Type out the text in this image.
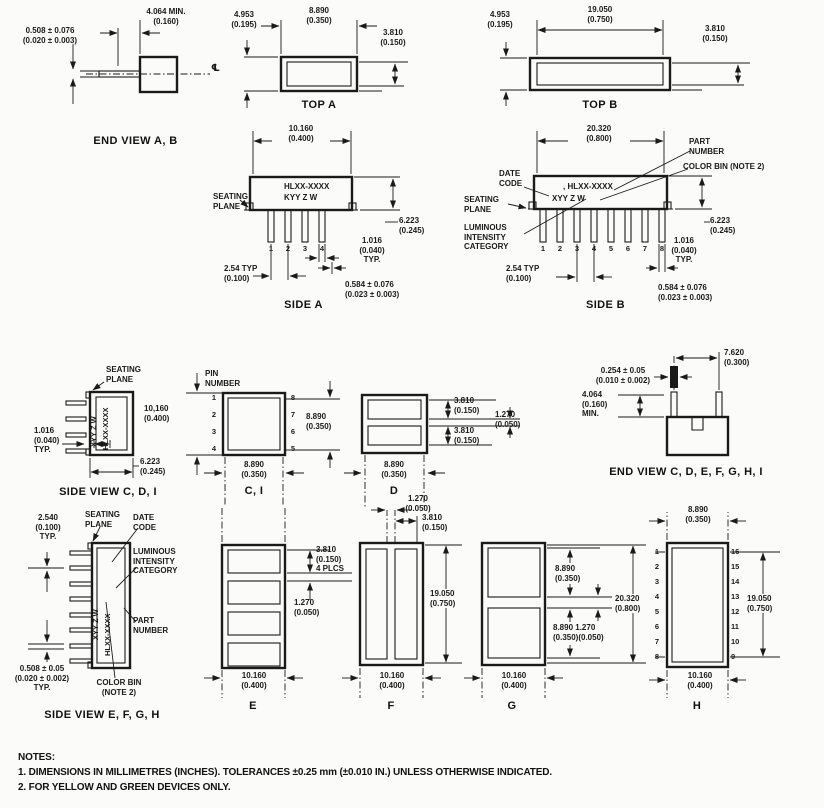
0.508 ± 0.076
(0.020 ± 0.003)
4.064 MIN.
(0.160)
℄
END VIEW A, B
4.953
(0.195)
8.890
(0.350)
3.810
(0.150)
TOP A
19.050
(0.750)
4.953
(0.195)	3.810
(0.150)
TOP B
10.160
(0.400)
HLXX-XXXX
KYY Z W
SEATING
PLANE
1	2	3	4
1.016
(0.040)
TYP.
6.223
(0.245)
2.54 TYP
(0.100)
0.584 ± 0.076
(0.023 ± 0.003)
SIDE A
20.320
(0.800)	PART
NUMBER
COLOR BIN (NOTE 2)
DATE
CODE	, HLXX-XXXX
XYY Z W
SEATING
PLANE
LUMINOUS
INTENSITY
CATEGORY	1	2	3	4	5	6	7	8
1.016
(0.040)
TYP.
6.223
(0.245)
2.54 TYP
(0.100)
0.584 ± 0.076
(0.023 ± 0.003)
SIDE B
SEATING
PLANE
XYY Z W HLXX-XXXX
1.016
(0.040)
TYP.
6.223
(0.245)
SIDE VIEW C, D, I
PIN
NUMBER
10,160
(0.400)
1
2
3
4
8
7
6
5
8.890
(0.350)
8.890
(0.350)
C, I
3.810
(0.150) 1.270
(0.050)
3.810
(0.150)
8.890
(0.350)
D
7.620
(0.300)
0.254 ± 0.05
(0.010 ± 0.002)
4.064
(0.160)
MIN.
END VIEW C, D, E, F, G, H, I
2.540
(0.100)
TYP.
SEATING
PLANE
DATE
CODE
LUMINOUS
INTENSITY
CATEGORY
PART
NUMBER
COLOR BIN
(NOTE 2)
0.508 ± 0.05
(0.020 ± 0.002)
TYP.
XYY Z W HLXX-XXXX
SIDE VIEW E, F, G, H
3.810
(0.150)
4 PLCS
1.270
(0.050)
10.160
(0.400)
E
1.270
(0.050)
3.810
(0.150)
19.050
(0.750)
10.160
(0.400)
F
8.890
(0.350)
8.890 1.270
(0.350)(0.050)
20.320
(0.800)
10.160
(0.400)
G
8.890
(0.350)
1
2
3
4
5
6
7
8
16
15
14
13
12
11
10
9
19.050
(0.750)
10.160
(0.400)
H
NOTES:
1. DIMENSIONS IN MILLIMETRES (INCHES). TOLERANCES ±0.25 mm (±0.010 IN.) UNLESS OTHERWISE INDICATED.
2. FOR YELLOW AND GREEN DEVICES ONLY.
